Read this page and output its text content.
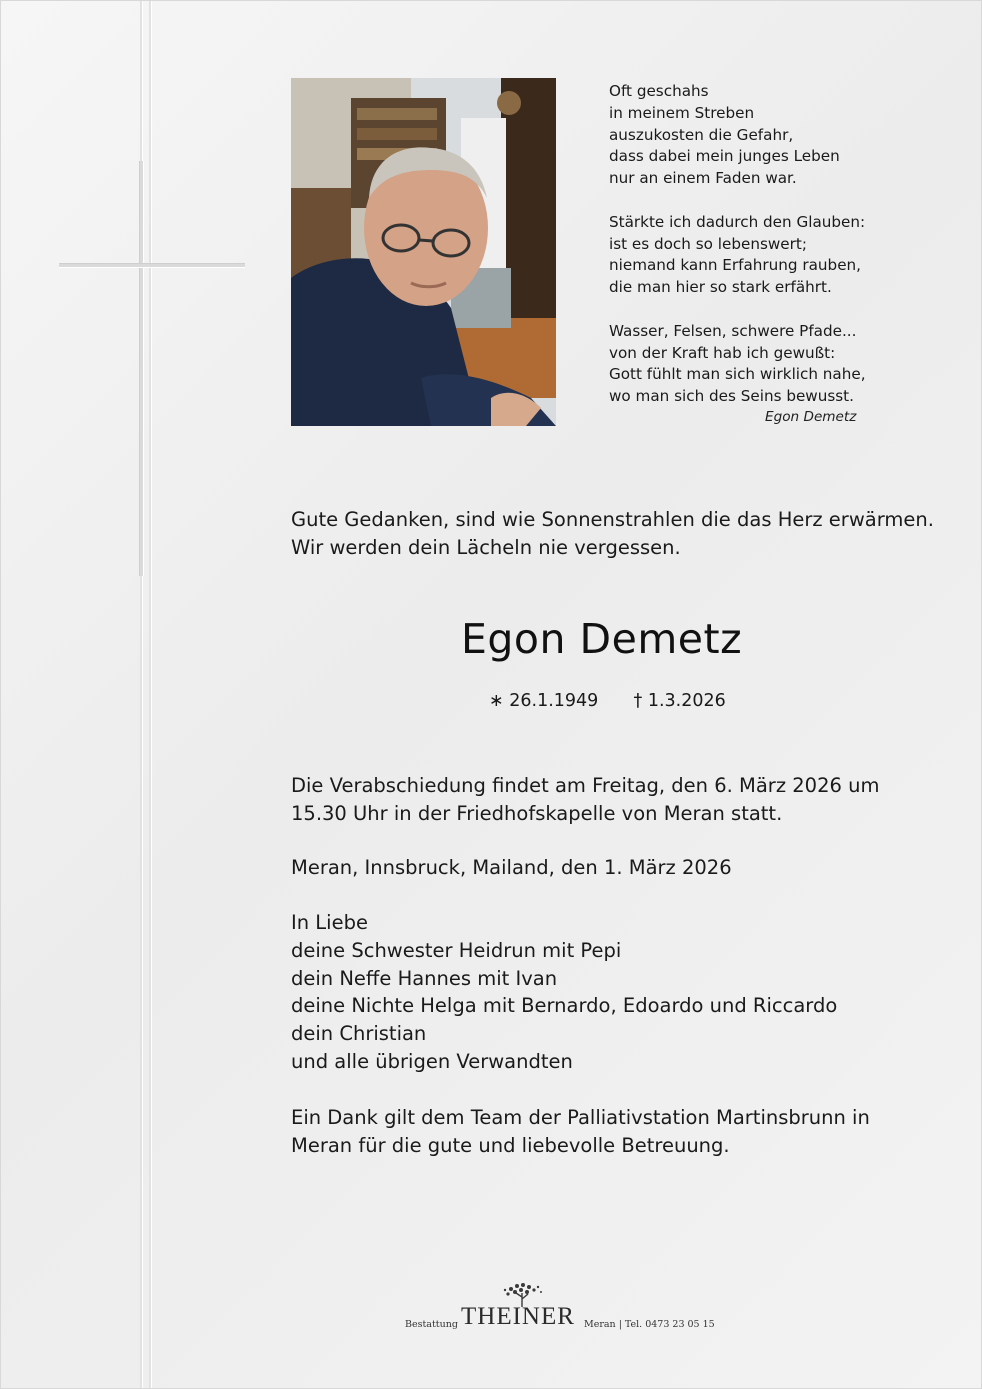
Oft geschahs
in meinem Streben
auszukosten die Gefahr,
dass dabei mein junges Leben
nur an einem Faden war.
Stärkte ich dadurch den Glauben:
ist es doch so lebenswert;
niemand kann Erfahrung rauben,
die man hier so stark erfährt.
Wasser, Felsen, schwere Pfade...
von der Kraft hab ich gewußt:
Gott fühlt man sich wirklich nahe,
wo man sich des Seins bewusst.
Egon Demetz
Gute Gedanken, sind wie Sonnenstrahlen die das Herz erwärmen.
Wir werden dein Lächeln nie vergessen.
Egon Demetz
∗ 26.1.1949 † 1.3.2026
Die Verabschiedung findet am Freitag, den 6. März 2026 um
15.30 Uhr in der Friedhofskapelle von Meran statt.
Meran, Innsbruck, Mailand, den 1. März 2026
In Liebe
deine Schwester Heidrun mit Pepi
dein Neffe Hannes mit Ivan
deine Nichte Helga mit Bernardo, Edoardo und Riccardo
dein Christian
und alle übrigen Verwandten
Ein Dank gilt dem Team der Palliativstation Martinsbrunn in
Meran für die gute und liebevolle Betreuung.
Bestattung THEINER Meran | Tel. 0473 23 05 15
